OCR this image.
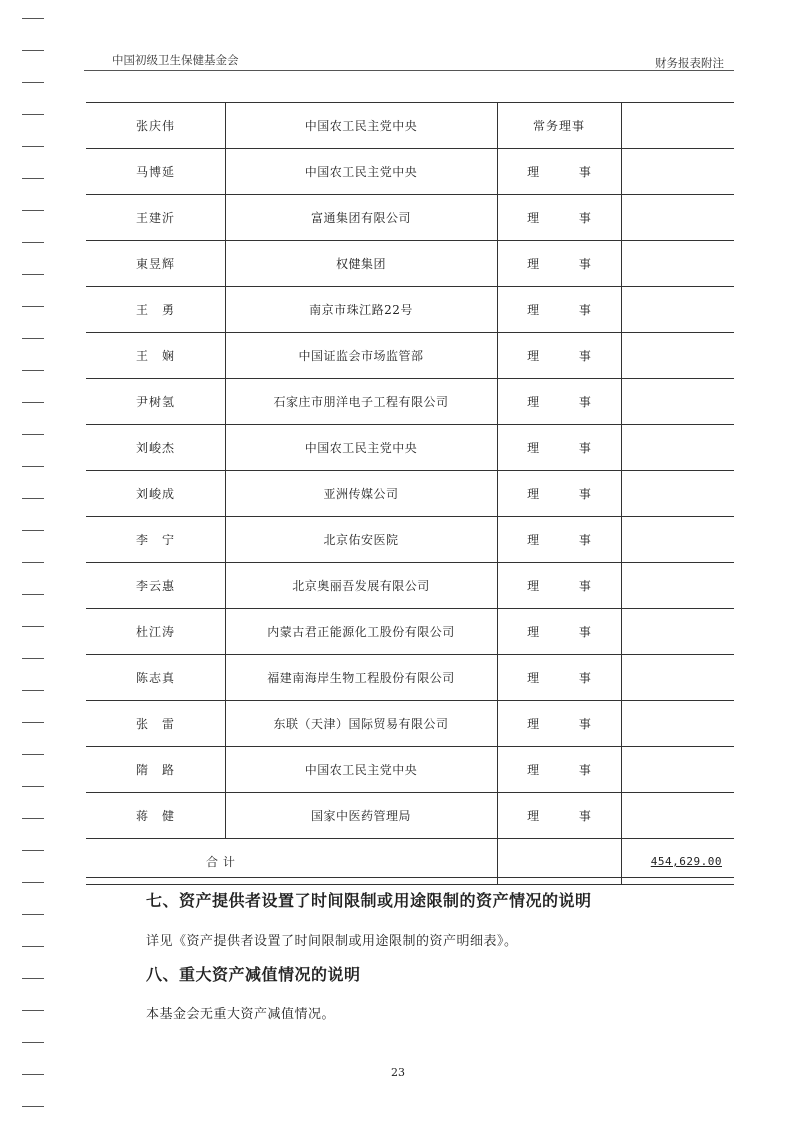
中国初级卫生保健基金会	财务报表附注
张庆伟	中国农工民主党中央	常务理事	
马博延	中国农工民主党中央	理 事	
王建沂	富通集团有限公司	理 事	
東昱辉	权健集团	理 事	
王　勇	南京市珠江路22号	理 事	
王　娴	中国证监会市场监管部	理 事	
尹树氢	石家庄市朋洋电子工程有限公司	理 事	
刘峻杰	中国农工民主党中央	理 事	
刘峻成	亚洲传媒公司	理 事	
李　宁	北京佑安医院	理 事	
李云惠	北京奥丽吾发展有限公司	理 事	
杜江涛	内蒙古君正能源化工股份有限公司	理 事	
陈志真	福建南海岸生物工程股份有限公司	理 事	
张　雷	东联（天津）国际贸易有限公司	理 事	
隋　路	中国农工民主党中央	理 事	
蒋　健	国家中医药管理局	理 事	
合 计			454,629.00
七、资产提供者设置了时间限制或用途限制的资产情况的说明
详见《资产提供者设置了时间限制或用途限制的资产明细表》。
八、重大资产减值情况的说明
本基金会无重大资产减值情况。
23
